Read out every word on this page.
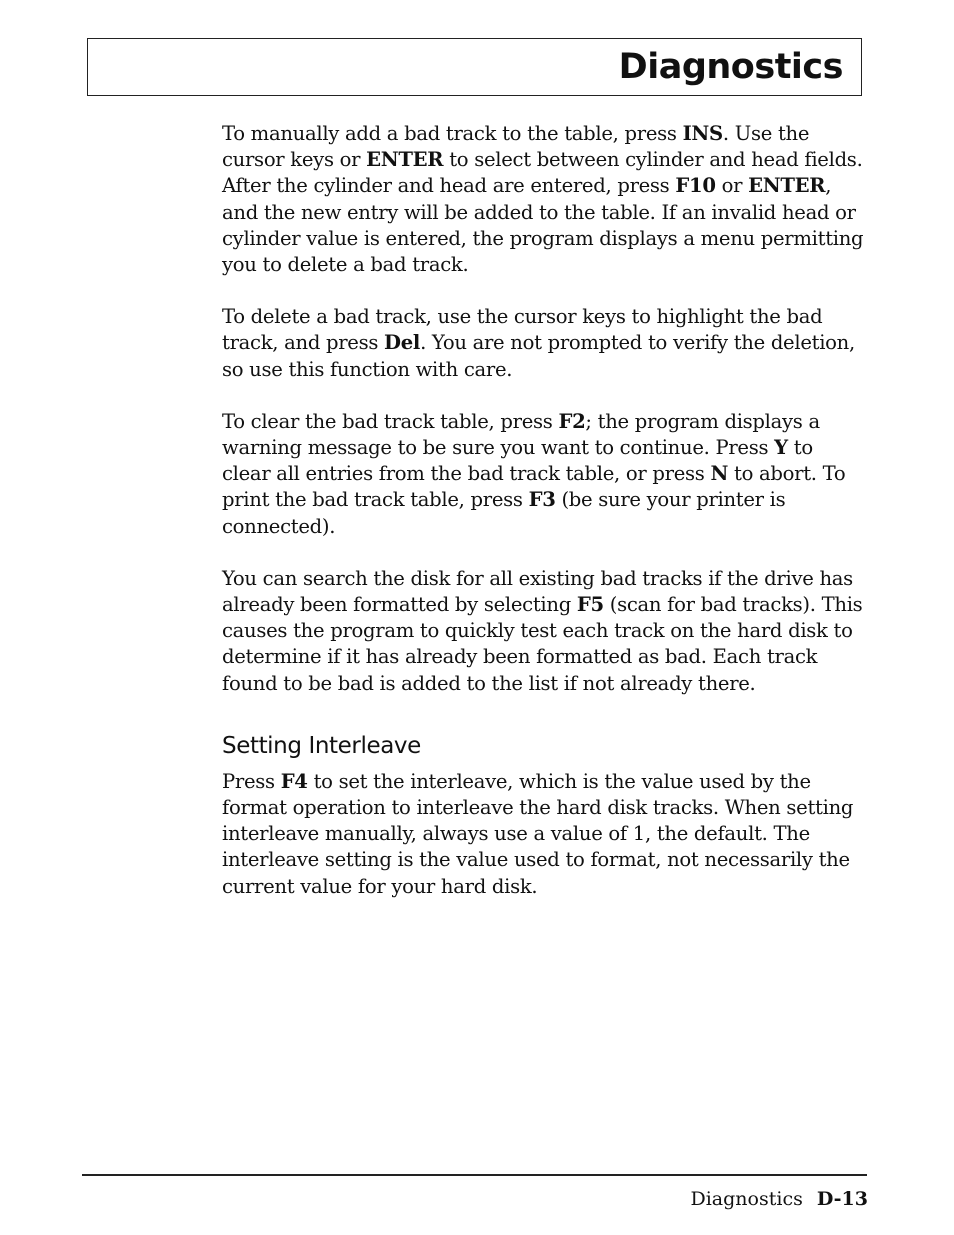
Diagnostics

To manually add a bad track to the table, press INS. Use the cursor keys or ENTER to select between cylinder and head fields. After the cylinder and head are entered, press F10 or ENTER, and the new entry will be added to the table. If an invalid head or cylinder value is entered, the program displays a menu permitting you to delete a bad track.

To delete a bad track, use the cursor keys to highlight the bad track, and press Del. You are not prompted to verify the deletion, so use this function with care.

To clear the bad track table, press F2; the program displays a warning message to be sure you want to continue. Press Y to clear all entries from the bad track table, or press N to abort. To print the bad track table, press F3 (be sure your printer is connected).

You can search the disk for all existing bad tracks if the drive has already been formatted by selecting F5 (scan for bad tracks). This causes the program to quickly test each track on the hard disk to determine if it has already been formatted as bad. Each track found to be bad is added to the list if not already there.

Setting Interleave

Press F4 to set the interleave, which is the value used by the format operation to interleave the hard disk tracks. When setting interleave manually, always use a value of 1, the default. The interleave setting is the value used to format, not necessarily the current value for your hard disk.

Diagnostics D-13
